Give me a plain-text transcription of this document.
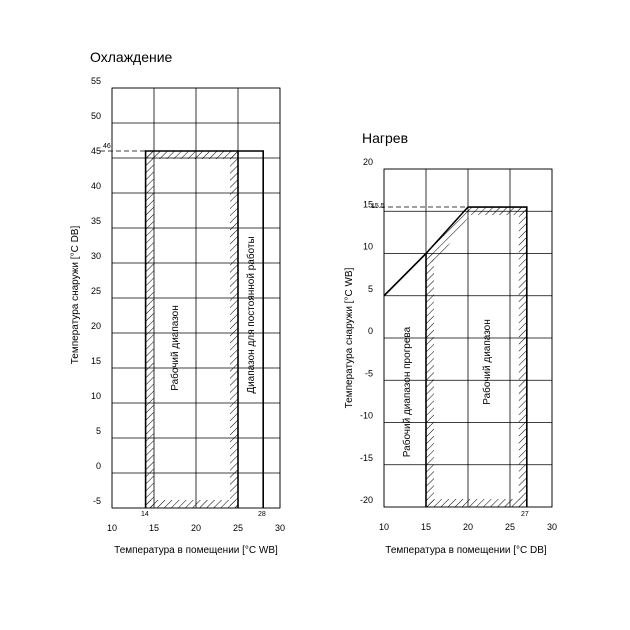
Охлаждение
10	15	20	25	30
-5
0
5
10
15
20
25
30
35
40
45
50
55
46
14	28
Температура в помещении [°C WB]
Температура снаружи [°C DB]	Рабочий диапазон	Диапазон для постоянной работы
Нагрев
10	15	20	25	30
-20
-15
-10
-5
0
5
10
15
20
15.5
27
Температура в помещении [°C DB]
Температура снаружи [°C WB]	Рабочий диапазон прогрева	Рабочий диапазон
